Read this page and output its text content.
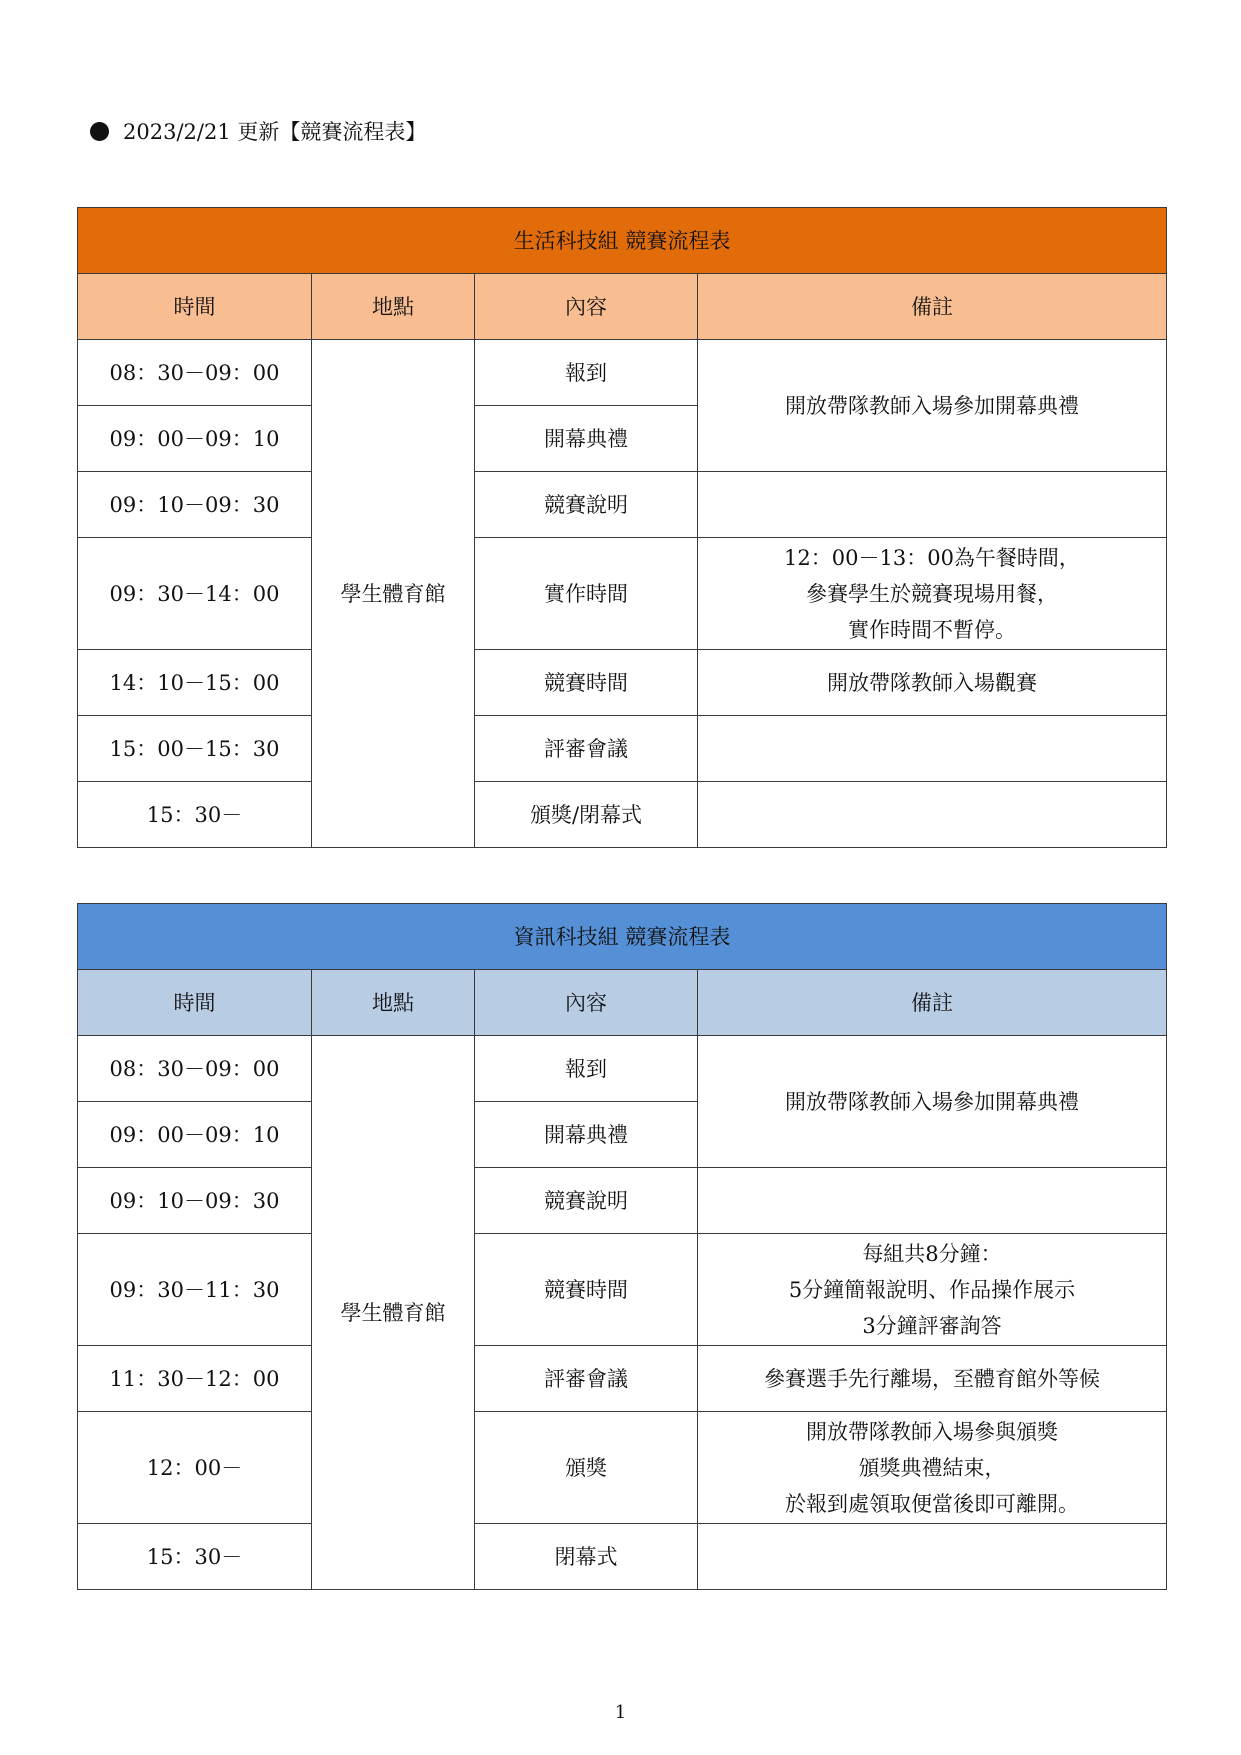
2023/2/21 更新【競賽流程表】
生活科技組 競賽流程表			
時間	地點	內容	備註
08：30－09：00	學生體育館	報到	開放帶隊教師入場參加開幕典禮
09：00－09：10		開幕典禮	
09：10－09：30		競賽說明	
09：30－14：00		實作時間	12：00－13：00為午餐時間，
參賽學生於競賽現場用餐，
實作時間不暫停。

14：10－15：00		競賽時間	開放帶隊教師入場觀賽
15：00－15：30		評審會議	
15：30－		頒獎/閉幕式	
資訊科技組 競賽流程表			
時間	地點	內容	備註
08：30－09：00	學生體育館	報到	開放帶隊教師入場參加開幕典禮
09：00－09：10		開幕典禮	
09：10－09：30		競賽說明	
09：30－11：30		競賽時間	每組共8分鐘：
5分鐘簡報說明、作品操作展示
3分鐘評審詢答

11：30－12：00		評審會議	參賽選手先行離場，至體育館外等候
12：00－		頒獎	開放帶隊教師入場參與頒獎
頒獎典禮結束，
於報到處領取便當後即可離開。

15：30－		閉幕式	
1
